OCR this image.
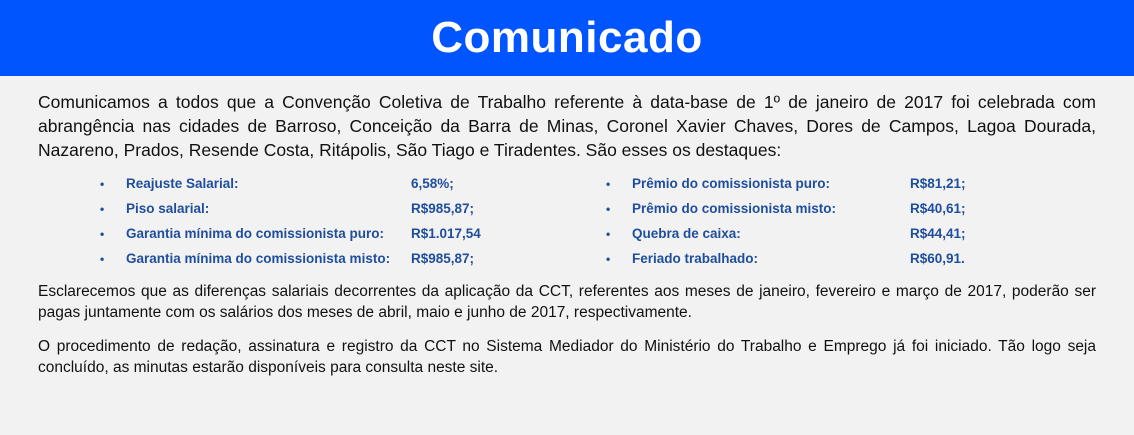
Comunicado

Comunicamos a todos que a Convenção Coletiva de Trabalho referente à data-base de 1º de janeiro de 2017 foi celebrada com abrangência nas cidades de Barroso, Conceição da Barra de Minas, Coronel Xavier Chaves, Dores de Campos, Lagoa Dourada, Nazareno, Prados, Resende Costa, Ritápolis, São Tiago e Tiradentes. São esses os destaques:

•	Reajuste Salarial:	6,58%;
•	Piso salarial:	R$985,87;
•	Garantia mínima do comissionista puro:	R$1.017,54
•	Garantia mínima do comissionista misto:	R$985,87;
•	Prêmio do comissionista puro:	R$81,21;
•	Prêmio do comissionista misto:	R$40,61;
•	Quebra de caixa:	R$44,41;
•	Feriado trabalhado:	R$60,91.

Esclarecemos que as diferenças salariais decorrentes da aplicação da CCT, referentes aos meses de janeiro, fevereiro e março de 2017, poderão ser pagas juntamente com os salários dos meses de abril, maio e junho de 2017, respectivamente.

O procedimento de redação, assinatura e registro da CCT no Sistema Mediador do Ministério do Trabalho e Emprego já foi iniciado. Tão logo seja concluído, as minutas estarão disponíveis para consulta neste site.
